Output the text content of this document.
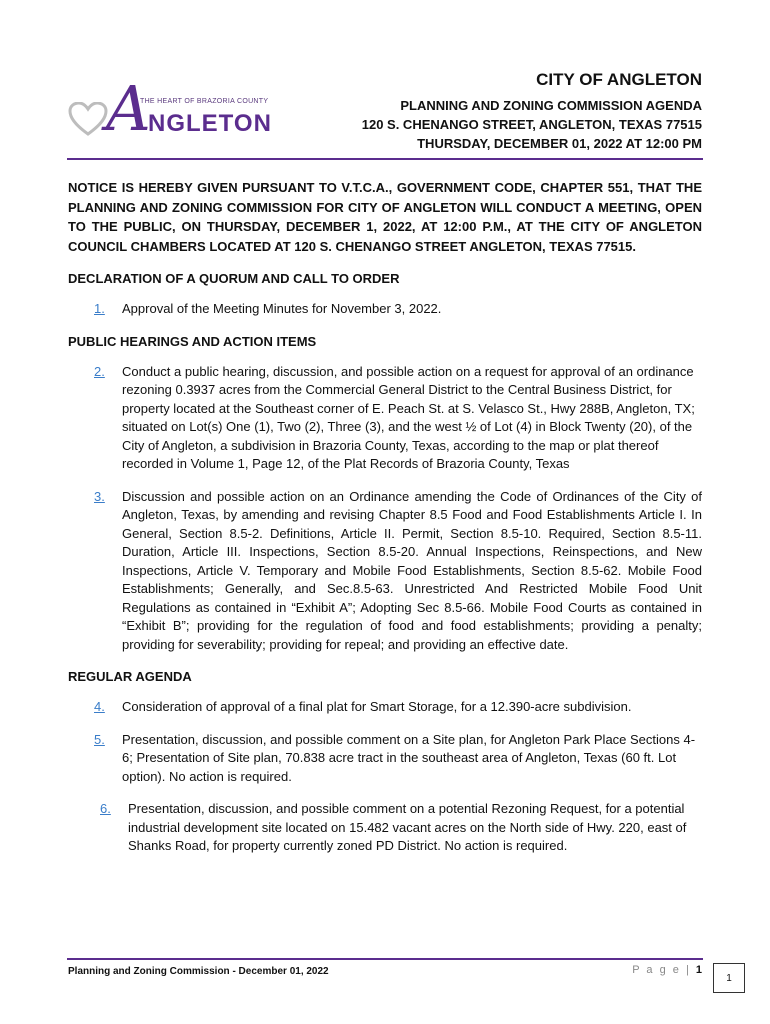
A
THE HEART OF BRAZORIA COUNTY
NGLETON
CITY OF ANGLETON
PLANNING AND ZONING COMMISSION AGENDA
120 S. CHENANGO STREET, ANGLETON, TEXAS 77515
THURSDAY, DECEMBER 01, 2022 AT 12:00 PM

NOTICE IS HEREBY GIVEN PURSUANT TO V.T.C.A., GOVERNMENT CODE, CHAPTER 551, THAT THE PLANNING AND ZONING COMMISSION FOR CITY OF ANGLETON WILL CONDUCT A MEETING, OPEN TO THE PUBLIC, ON THURSDAY, DECEMBER 1, 2022, AT 12:00 P.M., AT THE CITY OF ANGLETON COUNCIL CHAMBERS LOCATED AT 120 S. CHENANGO STREET ANGLETON, TEXAS 77515.

DECLARATION OF A QUORUM AND CALL TO ORDER
1. Approval of the Meeting Minutes for November 3, 2022.
PUBLIC HEARINGS AND ACTION ITEMS
2. Conduct a public hearing, discussion, and possible action on a request for approval of an ordinance rezoning 0.3937 acres from the Commercial General District to the Central Business District, for property located at the Southeast corner of E. Peach St. at S. Velasco St., Hwy 288B, Angleton, TX; situated on Lot(s) One (1), Two (2), Three (3), and the west ½ of Lot (4) in Block Twenty (20), of the City of Angleton, a subdivision in Brazoria County, Texas, according to the map or plat thereof recorded in Volume 1, Page 12, of the Plat Records of Brazoria County, Texas
3. Discussion and possible action on an Ordinance amending the Code of Ordinances of the City of Angleton, Texas, by amending and revising Chapter 8.5 Food and Food Establishments Article I. In General, Section 8.5-2. Definitions, Article II. Permit, Section 8.5-10. Required, Section 8.5-11. Duration, Article III. Inspections, Section 8.5-20. Annual Inspections, Reinspections, and New Inspections, Article V. Temporary and Mobile Food Establishments, Section 8.5-62. Mobile Food Establishments; Generally, and Sec.8.5-63. Unrestricted And Restricted Mobile Food Unit Regulations as contained in “Exhibit A”; Adopting Sec 8.5-66. Mobile Food Courts as contained in “Exhibit B”; providing for the regulation of food and food establishments; providing a penalty; providing for severability; providing for repeal; and providing an effective date.
REGULAR AGENDA
4. Consideration of approval of a final plat for Smart Storage, for a 12.390-acre subdivision.
5. Presentation, discussion, and possible comment on a Site plan, for Angleton Park Place Sections 4-6; Presentation of Site plan, 70.838 acre tract in the southeast area of Angleton, Texas (60 ft. Lot option). No action is required.
6. Presentation, discussion, and possible comment on a potential Rezoning Request, for a potential industrial development site located on 15.482 vacant acres on the North side of Hwy. 220, east of Shanks Road, for property currently zoned PD District. No action is required.
Planning and Zoning Commission - December 01, 2022	P a g e | 1
1
